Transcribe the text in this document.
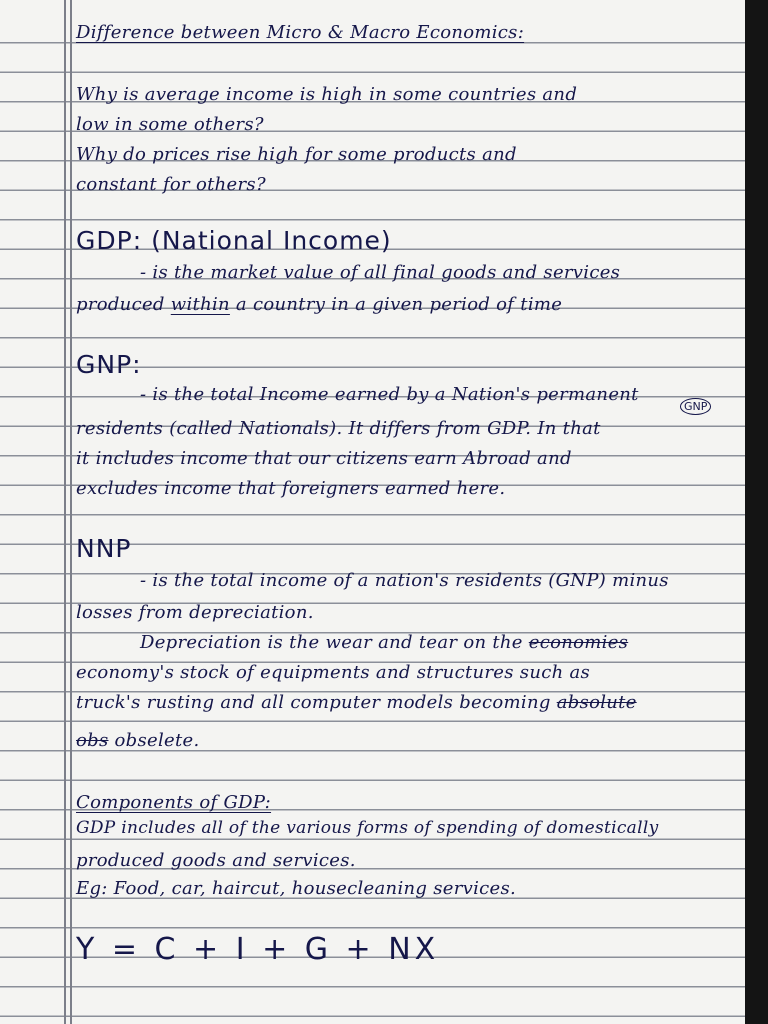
Difference between Micro & Macro Economics:
Why is average income is high in some countries and
low in some others?
Why do prices rise high for some products and
constant for others?
GDP: (National Income)
- is the market value of all final goods and services
produced within a country in a given period of time
GNP:
- is the total Income earned by a Nation's permanent
GNP
residents (called Nationals). It differs from GDP. In that
it includes income that our citizens earn Abroad and
excludes income that foreigners earned here.
NNP
- is the total income of a nation's residents (GNP) minus
losses from depreciation.
Depreciation is the wear and tear on the economies
economy's stock of equipments and structures such as
truck's rusting and all computer models becoming absolute
obs obselete.
Components of GDP:
GDP includes all of the various forms of spending of domestically
produced goods and services.
Eg: Food, car, haircut, housecleaning services.
Y = C + I + G + NX
